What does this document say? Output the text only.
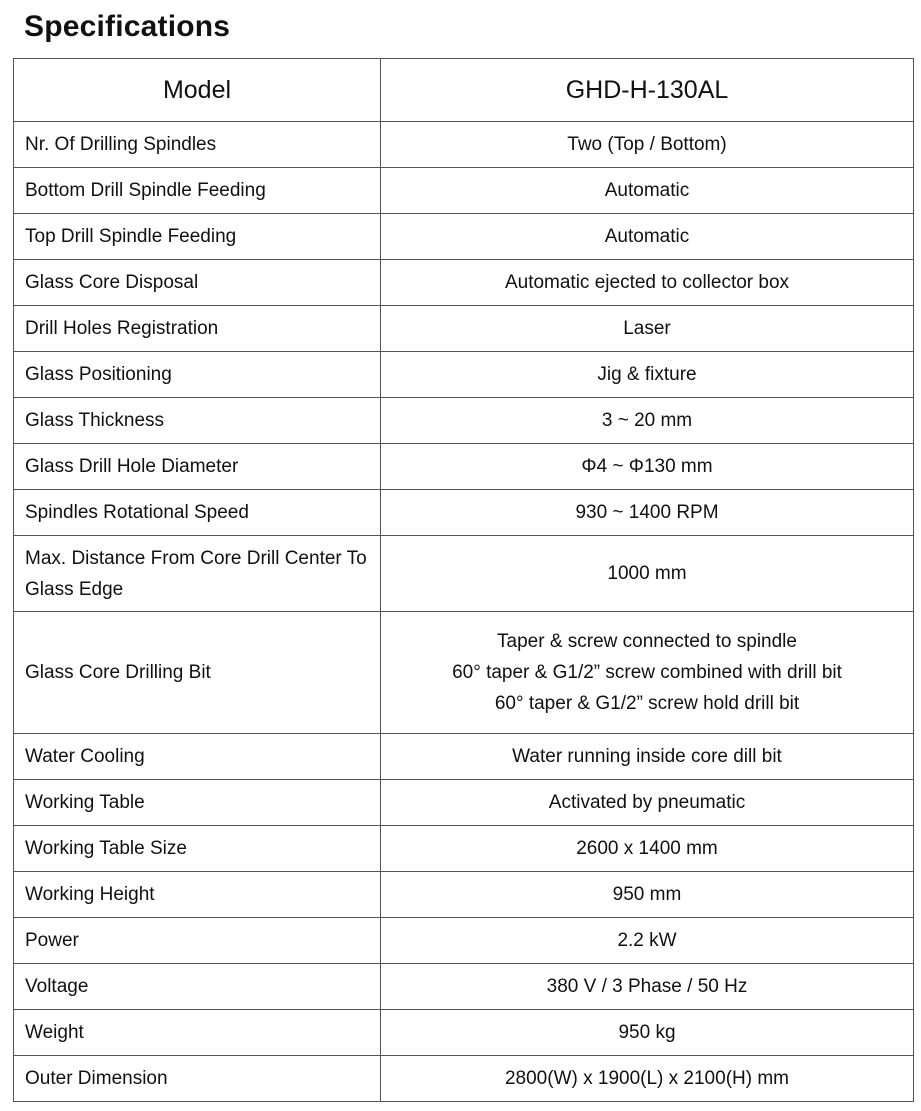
Specifications
Model	GHD-H-130AL
Nr. Of Drilling Spindles	Two (Top / Bottom)

Bottom Drill Spindle Feeding	Automatic

Top Drill Spindle Feeding	Automatic

Glass Core Disposal	Automatic ejected to collector box

Drill Holes Registration	Laser

Glass Positioning	Jig & fixture

Glass Thickness	3 ~ 20 mm

Glass Drill Hole Diameter	Φ4 ~ Φ130 mm

Spindles Rotational Speed	930 ~ 1400 RPM

Max. Distance From Core Drill Center To Glass Edge	1000 mm

Glass Core Drilling Bit	Taper & screw connected to spindle
60° taper & G1/2” screw combined with drill bit
60° taper & G1/2” screw hold drill bit

Water Cooling	Water running inside core dill bit

Working Table	Activated by pneumatic

Working Table Size	2600 x 1400 mm

Working Height	950 mm

Power	2.2 kW

Voltage	380 V / 3 Phase / 50 Hz

Weight	950 kg

Outer Dimension	2800(W) x 1900(L) x 2100(H) mm
